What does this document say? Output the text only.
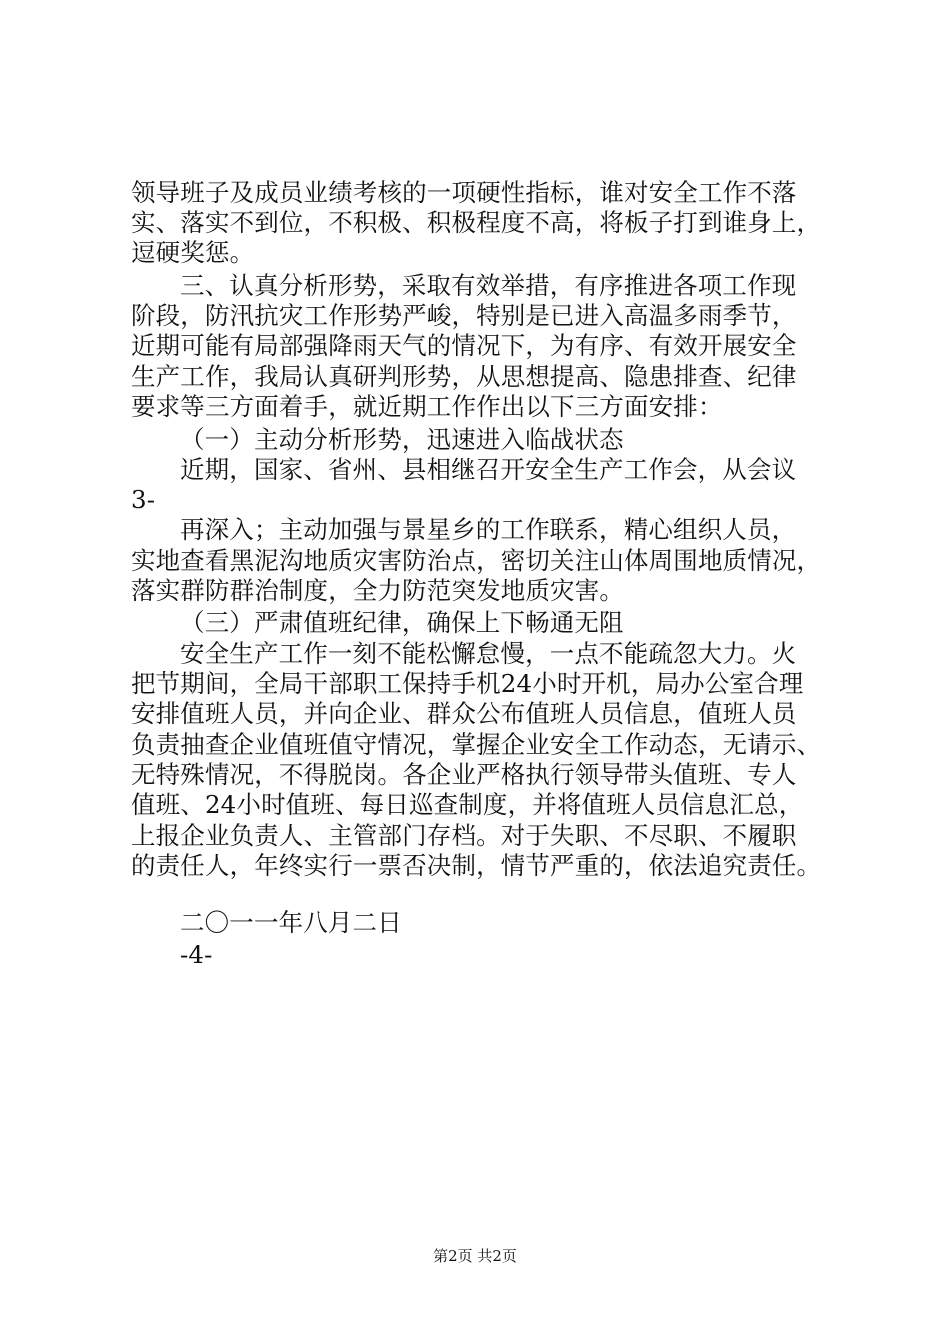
领导班子及成员业绩考核的一项硬性指标，谁对安全工作不落
实、落实不到位，不积极、积极程度不高，将板子打到谁身上，
逗硬奖惩。
三、认真分析形势，采取有效举措，有序推进各项工作现
阶段，防汛抗灾工作形势严峻，特别是已进入高温多雨季节，
近期可能有局部强降雨天气的情况下，为有序、有效开展安全
生产工作，我局认真研判形势，从思想提高、隐患排查、纪律
要求等三方面着手，就近期工作作出以下三方面安排：
（一）主动分析形势，迅速进入临战状态
近期，国家、省州、县相继召开安全生产工作会，从会议
3-
再深入；主动加强与景星乡的工作联系，精心组织人员，
实地查看黑泥沟地质灾害防治点，密切关注山体周围地质情况，
落实群防群治制度，全力防范突发地质灾害。
（三）严肃值班纪律，确保上下畅通无阻
安全生产工作一刻不能松懈怠慢，一点不能疏忽大力。火
把节期间，全局干部职工保持手机24小时开机，局办公室合理
安排值班人员，并向企业、群众公布值班人员信息，值班人员
负责抽查企业值班值守情况，掌握企业安全工作动态，无请示、
无特殊情况，不得脱岗。各企业严格执行领导带头值班、专人
值班、24小时值班、每日巡查制度，并将值班人员信息汇总，
上报企业负责人、主管部门存档。对于失职、不尽职、不履职
的责任人，年终实行一票否决制，情节严重的，依法追究责任。
二〇一一年八月二日
-4-
第2页 共2页
